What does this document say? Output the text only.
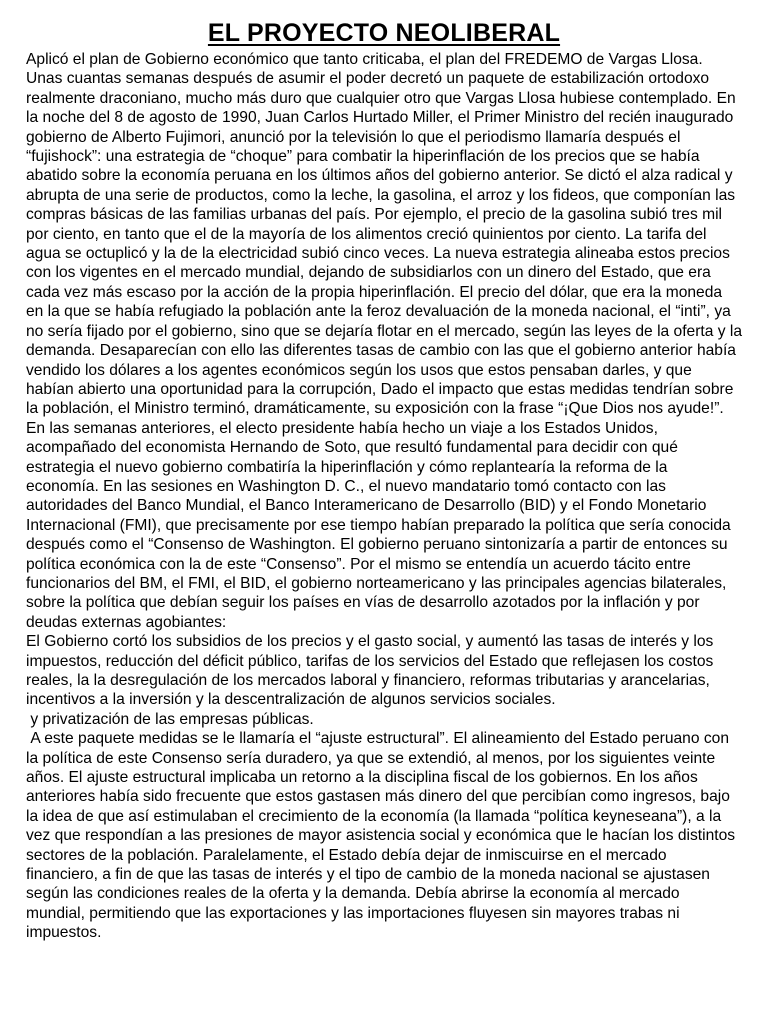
EL PROYECTO NEOLIBERAL

Aplicó el plan de Gobierno económico que tanto criticaba, el plan del FREDEMO de Vargas Llosa. Unas cuantas semanas después de asumir el poder decretó un paquete de estabilización ortodoxo realmente draconiano, mucho más duro que cualquier otro que Vargas Llosa hubiese contemplado. En la noche del 8 de agosto de 1990, Juan Carlos Hurtado Miller, el Primer Ministro del recién inaugurado gobierno de Alberto Fujimori, anunció por la televisión lo que el periodismo llamaría después el “fujishock”: una estrategia de “choque” para combatir la hiperinflación de los precios que se había abatido sobre la economía peruana en los últimos años del gobierno anterior. Se dictó el alza radical y abrupta de una serie de productos, como la leche, la gasolina, el arroz y los fideos, que componían las compras básicas de las familias urbanas del país. Por ejemplo, el precio de la gasolina subió tres mil por ciento, en tanto que el de la mayoría de los alimentos creció quinientos por ciento. La tarifa del agua se octuplicó y la de la electricidad subió cinco veces. La nueva estrategia alineaba estos precios con los vigentes en el mercado mundial, dejando de subsidiarlos con un dinero del Estado, que era cada vez más escaso por la acción de la propia hiperinflación. El precio del dólar, que era la moneda en la que se había refugiado la población ante la feroz devaluación de la moneda nacional, el “inti”, ya no sería fijado por el gobierno, sino que se dejaría flotar en el mercado, según las leyes de la oferta y la demanda. Desaparecían con ello las diferentes tasas de cambio con las que el gobierno anterior había vendido los dólares a los agentes económicos según los usos que estos pensaban darles, y que habían abierto una oportunidad para la corrupción, Dado el impacto que estas medidas tendrían sobre la población, el Ministro terminó, dramáticamente, su exposición con la frase “¡Que Dios nos ayude!”. En las semanas anteriores, el electo presidente había hecho un viaje a los Estados Unidos, acompañado del economista Hernando de Soto, que resultó fundamental para decidir con qué estrategia el nuevo gobierno combatiría la hiperinflación y cómo replantearía la reforma de la economía. En las sesiones en Washington D. C., el nuevo mandatario tomó contacto con las autoridades del Banco Mundial, el Banco Interamericano de Desarrollo (BID) y el Fondo Monetario Internacional (FMI), que precisamente por ese tiempo habían preparado la política que sería conocida después como el “Consenso de Washington. El gobierno peruano sintonizaría a partir de entonces su política económica con la de este “Consenso”. Por el mismo se entendía un acuerdo tácito entre funcionarios del BM, el FMI, el BID, el gobierno norteamericano y las principales agencias bilaterales, sobre la política que debían seguir los países en vías de desarrollo azotados por la inflación y por deudas externas agobiantes:

El Gobierno cortó los subsidios de los precios y el gasto social, y aumentó las tasas de interés y los impuestos, reducción del déficit público, tarifas de los servicios del Estado que reflejasen los costos reales, la la desregulación de los mercados laboral y financiero, reformas tributarias y arancelarias, incentivos a la inversión y la descentralización de algunos servicios sociales.

y privatización de las empresas públicas.

A este paquete medidas se le llamaría el “ajuste estructural”. El alineamiento del Estado peruano con la política de este Consenso sería duradero, ya que se extendió, al menos, por los siguientes veinte años. El ajuste estructural implicaba un retorno a la disciplina fiscal de los gobiernos. En los años anteriores había sido frecuente que estos gastasen más dinero del que percibían como ingresos, bajo la idea de que así estimulaban el crecimiento de la economía (la llamada “política keyneseana”), a la vez que respondían a las presiones de mayor asistencia social y económica que le hacían los distintos sectores de la población. Paralelamente, el Estado debía dejar de inmiscuirse en el mercado financiero, a fin de que las tasas de interés y el tipo de cambio de la moneda nacional se ajustasen según las condiciones reales de la oferta y la demanda. Debía abrirse la economía al mercado mundial, permitiendo que las exportaciones y las importaciones fluyesen sin mayores trabas ni impuestos.
